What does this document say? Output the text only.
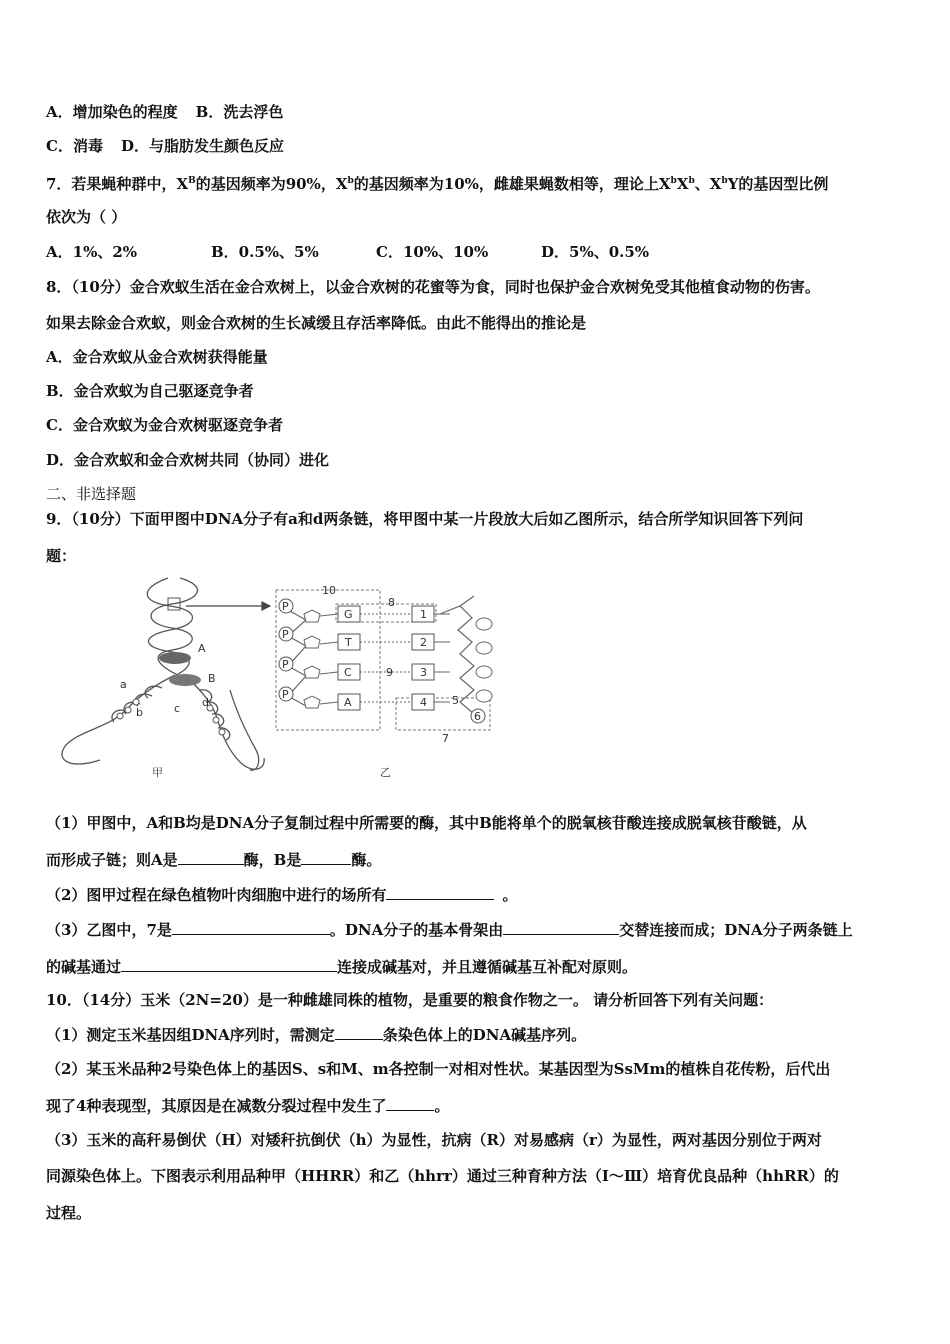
A．增加染色的程度 B．洗去浮色
C．消毒 D．与脂肪发生颜色反应
7．若果蝇种群中，$X^B$的基因频率为90%，$X^b$的基因频率为10%，雌雄果蝇数相等，理论上$X^bX^b$、$X^bY$的基因型比例
依次为（ ）
A．1%、2%	B．0.5%、5%	C．10%、10%	D．5%、0.5%
8．（10分）金合欢蚁生活在金合欢树上，以金合欢树的花蜜等为食，同时也保护金合欢树免受其他植食动物的伤害。
如果去除金合欢蚁，则金合欢树的生长减缓且存活率降低。由此不能得出的推论是
A．金合欢蚁从金合欢树获得能量
B．金合欢蚁为自己驱逐竞争者
C．金合欢蚁为金合欢树驱逐竞争者
D．金合欢蚁和金合欢树共同（协同）进化
二、非选择题
9．（10分）下面甲图中DNA分子有a和d两条链，将甲图中某一片段放大后如乙图所示，结合所学知识回答下列问
题：
A
B
a
b	c d
甲
P
P
P
P
G
T
C
A
1
2
3
4
10
8
9
5
6
7
乙
（1）甲图中，A和B均是DNA分子复制过程中所需要的酶，其中B能将单个的脱氧核苷酸连接成脱氧核苷酸链，从
而形成子链；则A是	酶，B是	酶。
（2）图甲过程在绿色植物叶肉细胞中进行的场所有	。
（3）乙图中，7是	。DNA分子的基本骨架由	交替连接而成；DNA分子两条链上
的碱基通过	连接成碱基对，并且遵循碱基互补配对原则。
10．（14分）玉米（2N=20）是一种雌雄同株的植物，是重要的粮食作物之一。 请分析回答下列有关问题：
（1）测定玉米基因组DNA序列时，需测定	条染色体上的DNA碱基序列。
（2）某玉米品种2号染色体上的基因S、s和M、m各控制一对相对性状。某基因型为SsMm的植株自花传粉，后代出
现了4种表现型，其原因是在减数分裂过程中发生了	。
（3）玉米的高秆易倒伏（H）对矮秆抗倒伏（h）为显性，抗病（R）对易感病（r）为显性，两对基因分别位于两对
同源染色体上。下图表示利用品种甲（HHRR）和乙（hhrr）通过三种育种方法（Ⅰ～Ⅲ）培育优良品种（hhRR）的
过程。
